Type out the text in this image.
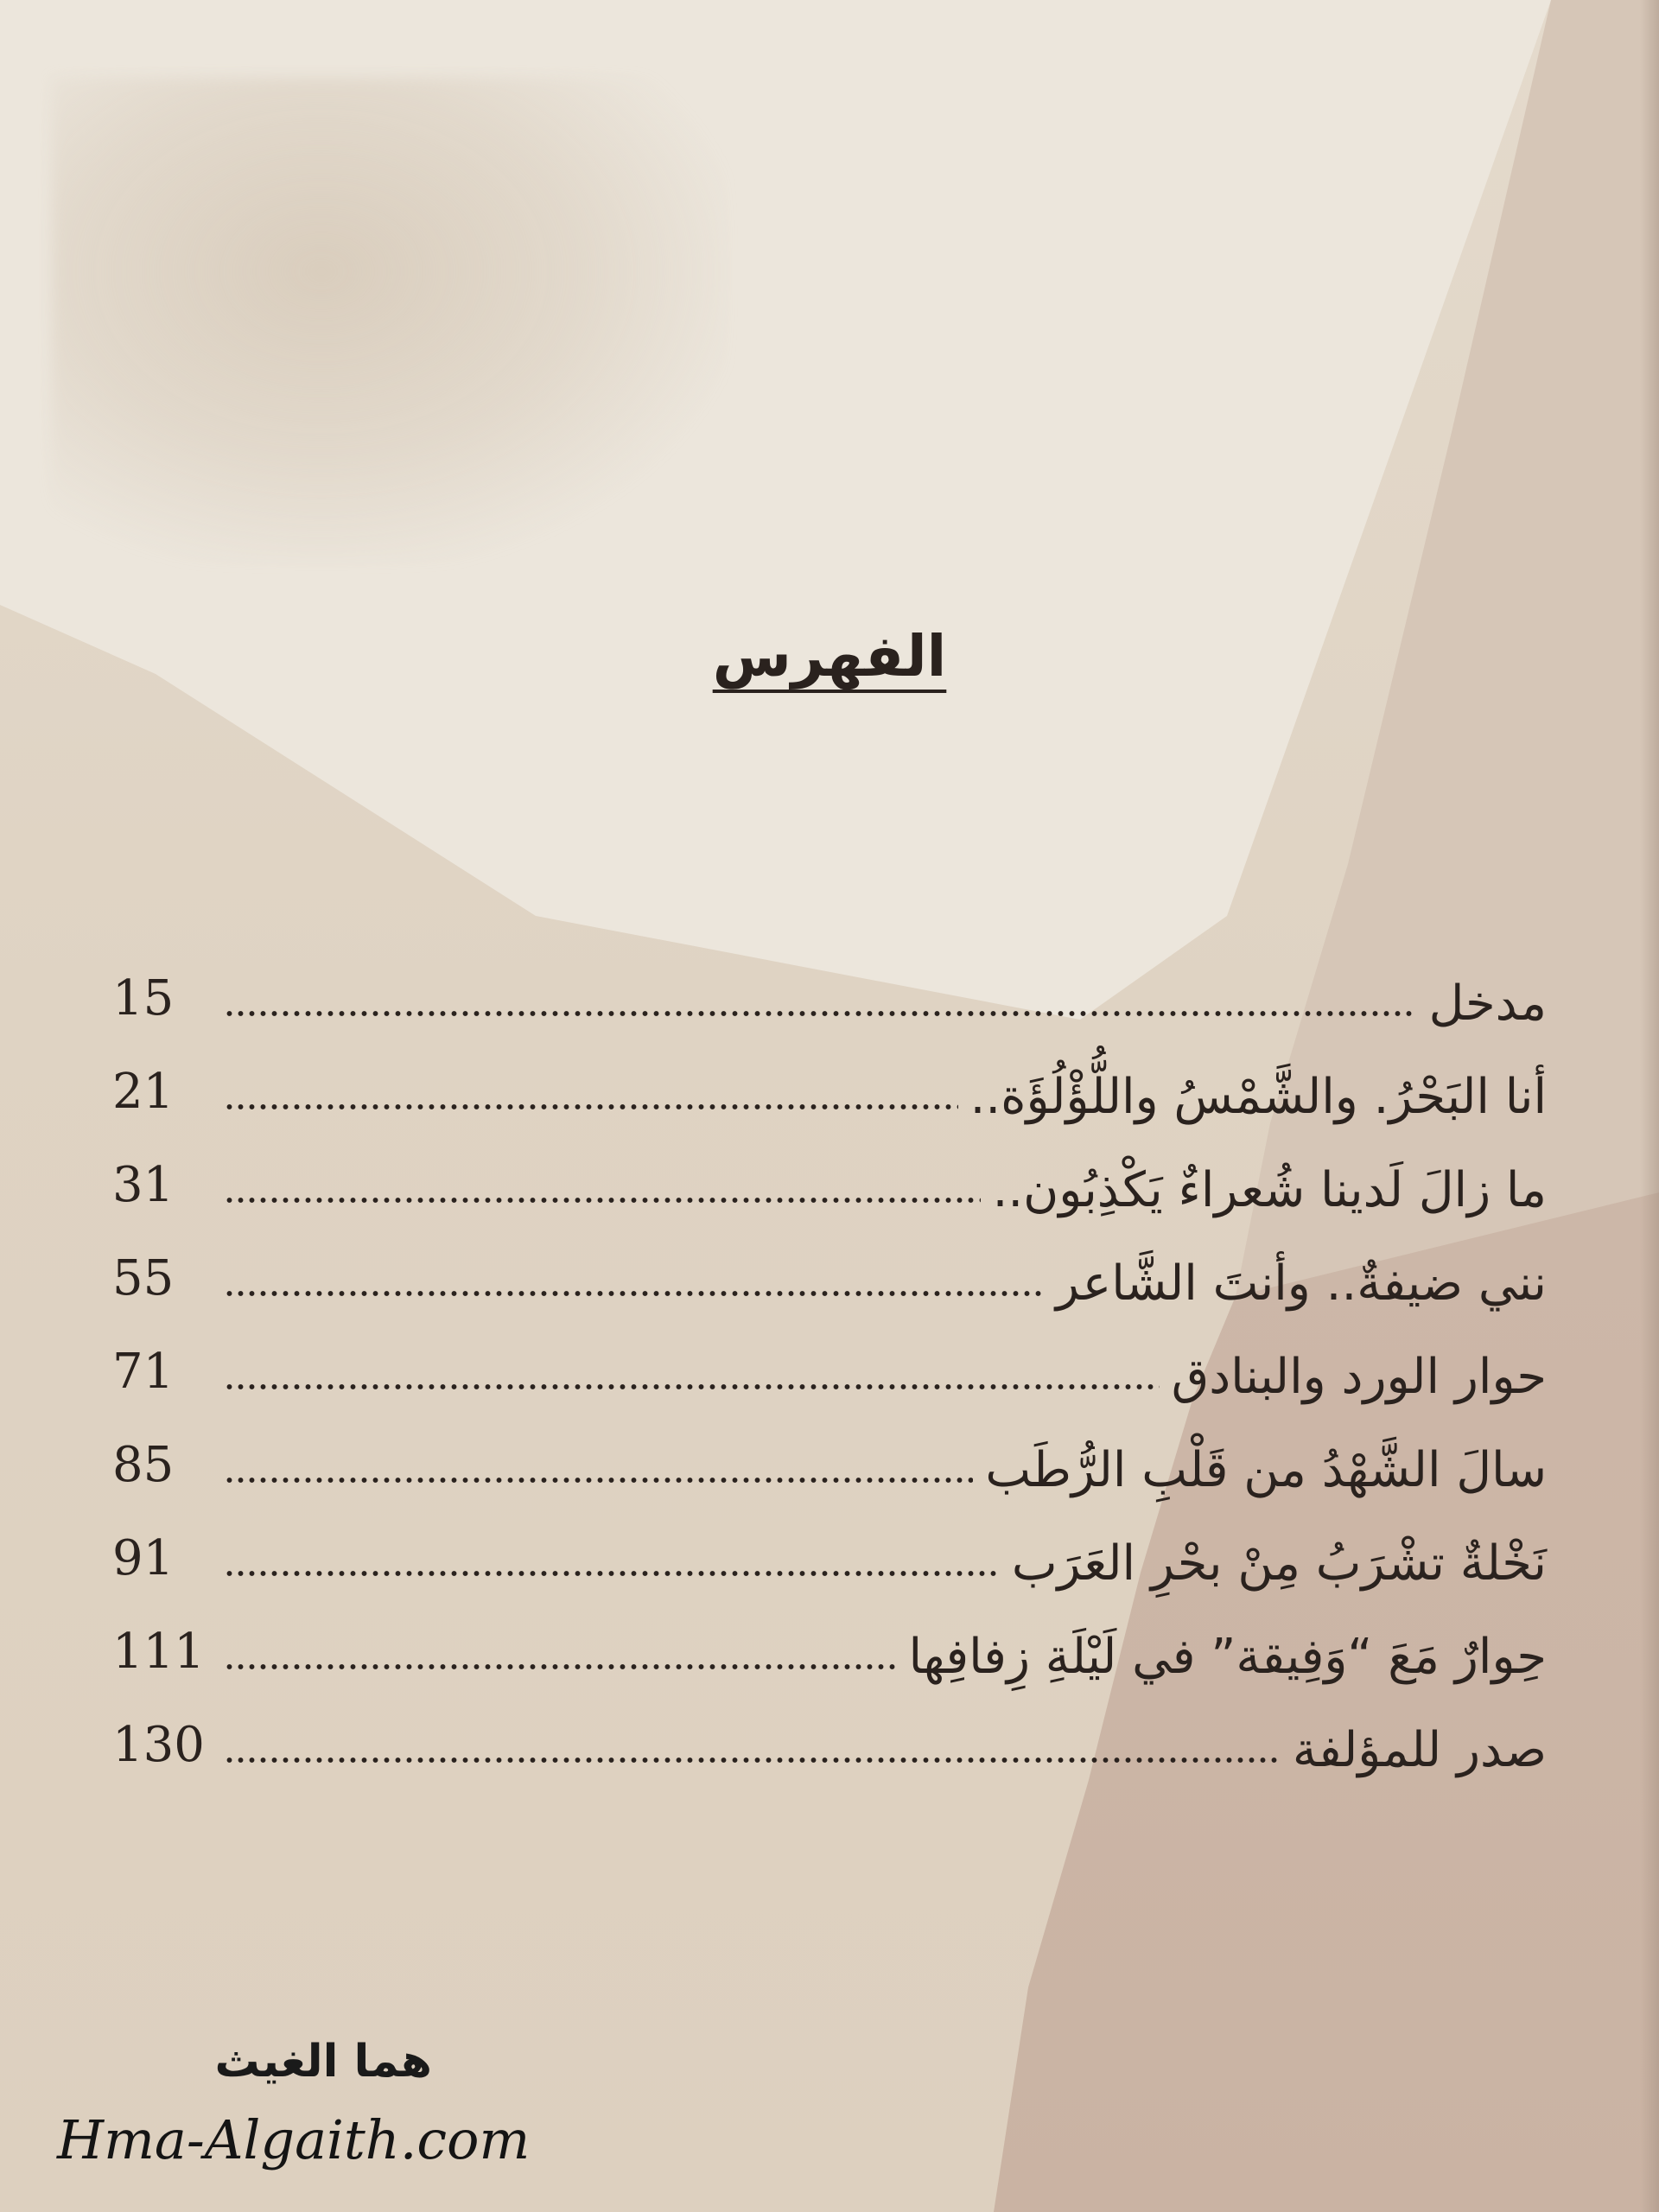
الفهرس
15	مدخل
21	أنا البَحْرُ. والشَّمْسُ واللُّؤْلُؤَة..
31	ما زالَ لَدينا شُعراءٌ يَكْذِبُون..
55	نني ضيفةٌ.. وأنتَ الشَّاعر
71	حوار الورد والبنادق
85	سالَ الشَّهْدُ من قَلْبِ الرُّطَب
91	نَخْلةٌ تشْرَبُ مِنْ بحْرِ العَرَب
111	حِوارٌ مَعَ “وَفِيقة” في لَيْلَةِ زِفافِها
130	صدر للمؤلفة
هما الغيث
Hma-Algaith.com
